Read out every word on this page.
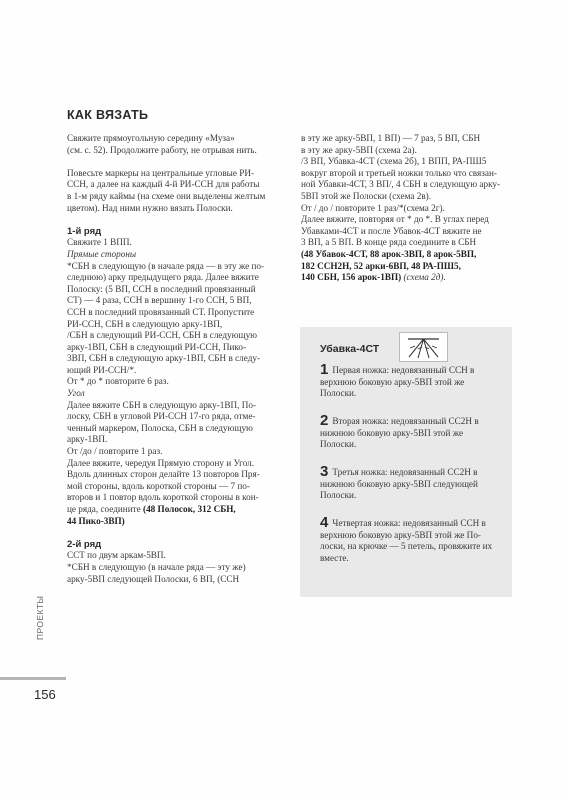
КАК ВЯЗАТЬ

Свяжите прямоугольную середину «Муза»

(см. с. 52). Продолжите работу, не отрывая нить.

Повесьте маркеры на центральные угловые РИ-

ССН, а далее на каждый 4-й РИ-ССН для работы

в 1-м ряду каймы (на схеме они выделены желтым

цветом). Над ними нужно вязать Полоски.

1-й ряд

Свяжите 1 ВПП.

Прямые стороны

*СБН в следующую (в начале ряда — в эту же по-

следнюю) арку предыдущего ряда. Далее вяжите

Полоску: (5 ВП, ССН в последний провязанный

СТ) — 4 раза, ССН в вершину 1-го ССН, 5 ВП,

ССН в последний провязанный СТ. Пропустите

РИ-ССН, СБН в следующую арку-1ВП,

/СБН в следующий РИ-ССН, СБН в следующую

арку-1ВП, СБН в следующий РИ-ССН, Пико-

3ВП, СБН в следующую арку-1ВП, СБН в следу-

ющий РИ-ССН/*.

От * до * повторите 6 раз.

Угол

Далее вяжите СБН в следующую арку-1ВП, По-

лоску, СБН в угловой РИ-ССН 17-го ряда, отме-

ченный маркером, Полоска, СБН в следующую

арку-1ВП.

От /до / повторите 1 раз.

Далее вяжите, чередуя Прямую сторону и Угол.

Вдоль длинных сторон делайте 13 повторов Пря-

мой стороны, вдоль короткой стороны — 7 по-

второв и 1 повтор вдоль короткой стороны в кон-

це ряда, соедините (48 Полосок, 312 СБН,

44 Пико-3ВП)

2-й ряд

ССТ по двум аркам-5ВП.

*СБН в следующую (в начале ряда — эту же)

арку-5ВП следующей Полоски, 6 ВП, (ССН

в эту же арку-5ВП, 1 ВП) — 7 раз, 5 ВП, СБН

в эту же арку-5ВП (схема 2а).

/3 ВП, Убавка-4СТ (схема 2б), 1 ВПП, РА-ПШ5

вокруг второй и третьей ножки только что связан-

ной Убавки-4СТ, 3 ВП/, 4 СБН в следующую арку-

5ВП этой же Полоски (схема 2в).

От / до / повторите 1 раз/*(схема 2г).

Далее вяжите, повторяя от * до *. В углах перед

Убавками-4СТ и после Убавок-4СТ вяжите не

3 ВП, а 5 ВП. В конце ряда соедините в СБН

(48 Убавок-4СТ, 88 арок-3ВП, 8 арок-5ВП,

182 ССН2Н, 52 арки-6ВП, 48 РА-ПШ5,

140 СБН, 156 арок-1ВП) (схема 2д).

Убавка-4СТ
1 Первая ножка: недовязанный ССН в верхнюю боковую арку-5ВП этой же Полоски.
2 Вторая ножка: недовязанный СС2Н в нижнюю боковую арку-5ВП этой же Полоски.
3 Третья ножка: недовязанный СС2Н в нижнюю боковую арку-5ВП следующей Полоски.
4 Четвертая ножка: недовязанный ССН в верхнюю боковую арку-5ВП этой же По-лоски, на крючке — 5 петель, провяжите их вместе.
ПРОЕКТЫ
156
